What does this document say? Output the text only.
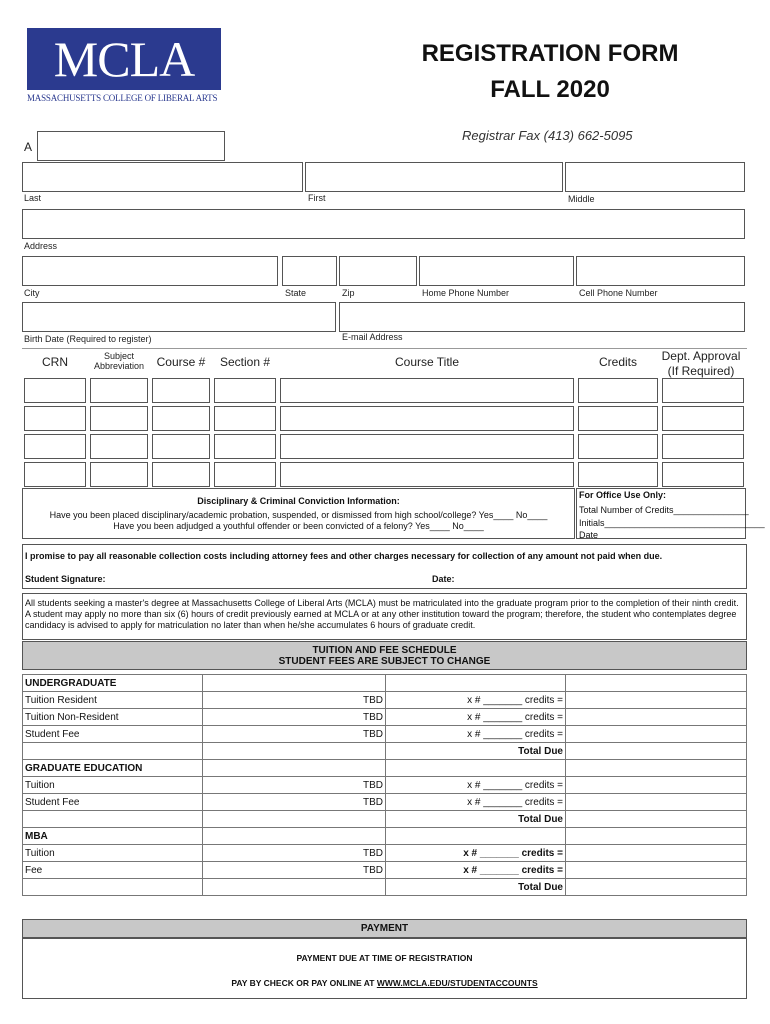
MCLA
MASSACHUSETTS COLLEGE OF LIBERAL ARTS
REGISTRATION FORM
FALL 2020
Registrar Fax (413) 662-5095
A
Last	First	Middle
Address
City	State	Zip	Home Phone Number	Cell Phone Number
Birth Date (Required to register)	E-mail Address
CRN	Subject Abbreviation	Course #	Section #	Course Title	Credits	Dept. Approval (If Required)
Disciplinary & Criminal Conviction Information:
Have you been placed disciplinary/academic probation, suspended, or dismissed from high school/college? Yes____ No____
Have you been adjudged a youthful offender or been convicted of a felony? Yes____ No____
For Office Use Only:
Total Number of Credits_______________
Initials________________________________
Date
I promise to pay all reasonable collection costs including attorney fees and other charges necessary for collection of any amount not paid when due.
Student Signature:	Date:
All students seeking a master's degree at Massachusetts College of Liberal Arts (MCLA) must be matriculated into the graduate program prior to the completion of their ninth credit. A student may apply no more than six (6) hours of credit previously earned at MCLA or at any other institution toward the program; therefore, the student who contemplates degree candidacy is advised to apply for matriculation no later than when he/she accumulates 6 hours of graduate credit.
TUITION AND FEE SCHEDULE
STUDENT FEES ARE SUBJECT TO CHANGE
UNDERGRADUATE			
Tuition Resident	TBD	x # _______ credits =	
Tuition Non-Resident	TBD	x # _______ credits =	
Student Fee	TBD	x # _______ credits =	
		Total Due	
GRADUATE EDUCATION			
Tuition	TBD	x # _______ credits =	
Student Fee	TBD	x # _______ credits =	
		Total Due	
MBA			
Tuition	TBD	x # _______ credits =	
Fee	TBD	x # _______ credits =	
		Total Due	
PAYMENT
PAYMENT DUE AT TIME OF REGISTRATION
PAY BY CHECK OR PAY ONLINE AT WWW.MCLA.EDU/STUDENTACCOUNTS
